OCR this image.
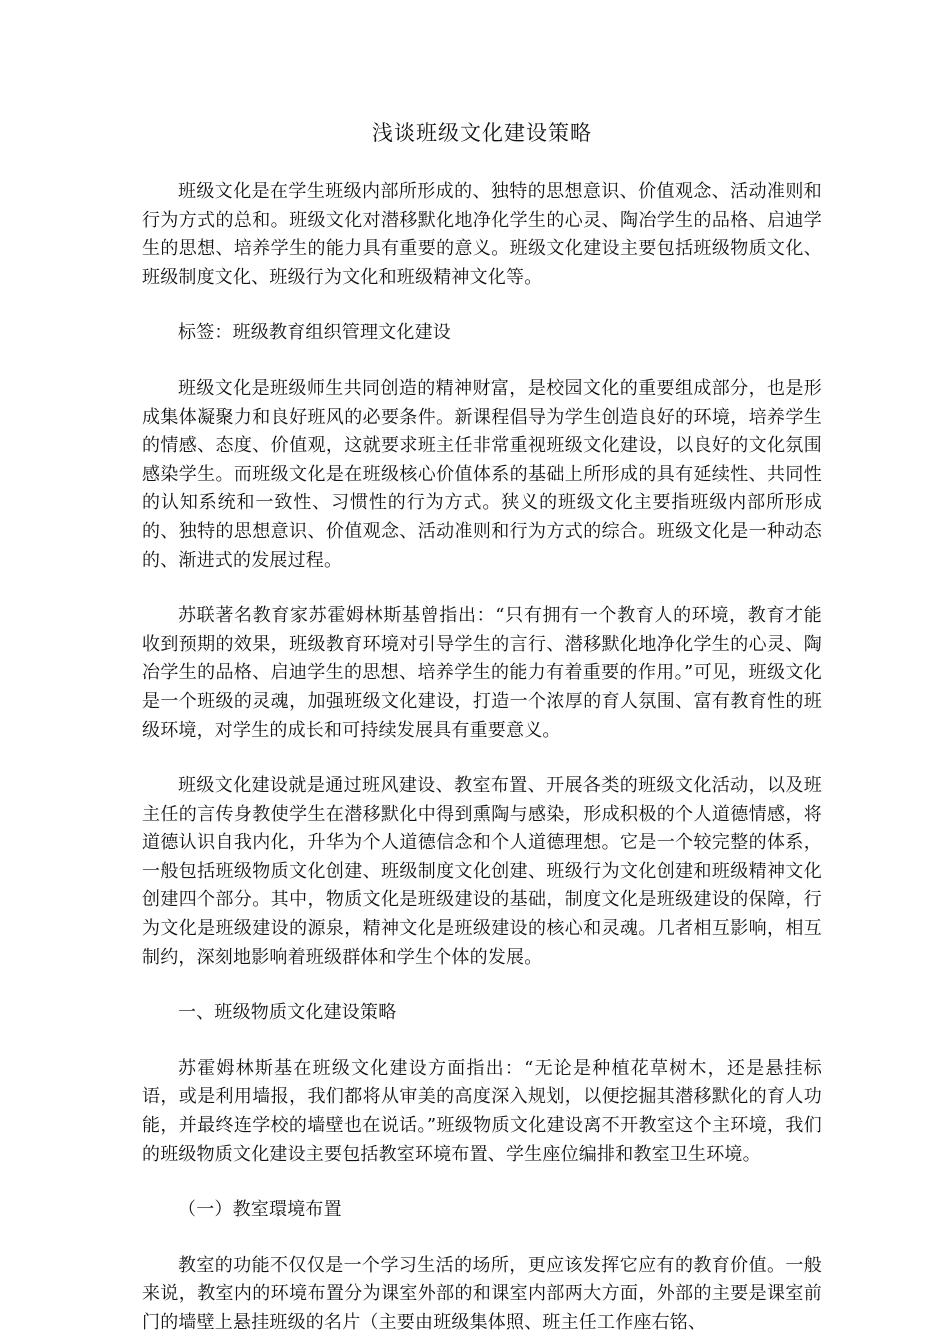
浅谈班级文化建设策略

班级文化是在学生班级内部所形成的、独特的思想意识、价值观念、活动准则和行为方式的总和。班级文化对潜移默化地净化学生的心灵、陶冶学生的品格、启迪学生的思想、培养学生的能力具有重要的意义。班级文化建设主要包括班级物质文化、班级制度文化、班级行为文化和班级精神文化等。

标签：班级教育组织管理文化建设

班级文化是班级师生共同创造的精神财富，是校园文化的重要组成部分，也是形成集体凝聚力和良好班风的必要条件。新课程倡导为学生创造良好的环境，培养学生的情感、态度、价值观，这就要求班主任非常重视班级文化建设，以良好的文化氛围感染学生。而班级文化是在班级核心价值体系的基础上所形成的具有延续性、共同性的认知系统和一致性、习惯性的行为方式。狭义的班级文化主要指班级内部所形成的、独特的思想意识、价值观念、活动准则和行为方式的综合。班级文化是一种动态的、渐进式的发展过程。

苏联著名教育家苏霍姆林斯基曾指出：“只有拥有一个教育人的环境，教育才能收到预期的效果，班级教育环境对引导学生的言行、潜移默化地净化学生的心灵、陶冶学生的品格、启迪学生的思想、培养学生的能力有着重要的作用。”可见，班级文化是一个班级的灵魂，加强班级文化建设，打造一个浓厚的育人氛围、富有教育性的班级环境，对学生的成长和可持续发展具有重要意义。

班级文化建设就是通过班风建设、教室布置、开展各类的班级文化活动，以及班主任的言传身教使学生在潜移默化中得到熏陶与感染，形成积极的个人道德情感，将道德认识自我内化，升华为个人道德信念和个人道德理想。它是一个较完整的体系，一般包括班级物质文化创建、班级制度文化创建、班级行为文化创建和班级精神文化创建四个部分。其中，物质文化是班级建设的基础，制度文化是班级建设的保障，行为文化是班级建设的源泉，精神文化是班级建设的核心和灵魂。几者相互影响，相互制约，深刻地影响着班级群体和学生个体的发展。

一、班级物质文化建设策略

苏霍姆林斯基在班级文化建设方面指出：“无论是种植花草树木，还是悬挂标语，或是利用墙报，我们都将从审美的高度深入规划，以便挖掘其潜移默化的育人功能，并最终连学校的墙壁也在说话。”班级物质文化建设离不开教室这个主环境，我们的班级物质文化建设主要包括教室环境布置、学生座位编排和教室卫生环境。

（一）教室環境布置

教室的功能不仅仅是一个学习生活的场所，更应该发挥它应有的教育价值。一般来说，教室内的环境布置分为课室外部的和课室内部两大方面，外部的主要是课室前门的墙壁上悬挂班级的名片（主要由班级集体照、班主任工作座右铭、
